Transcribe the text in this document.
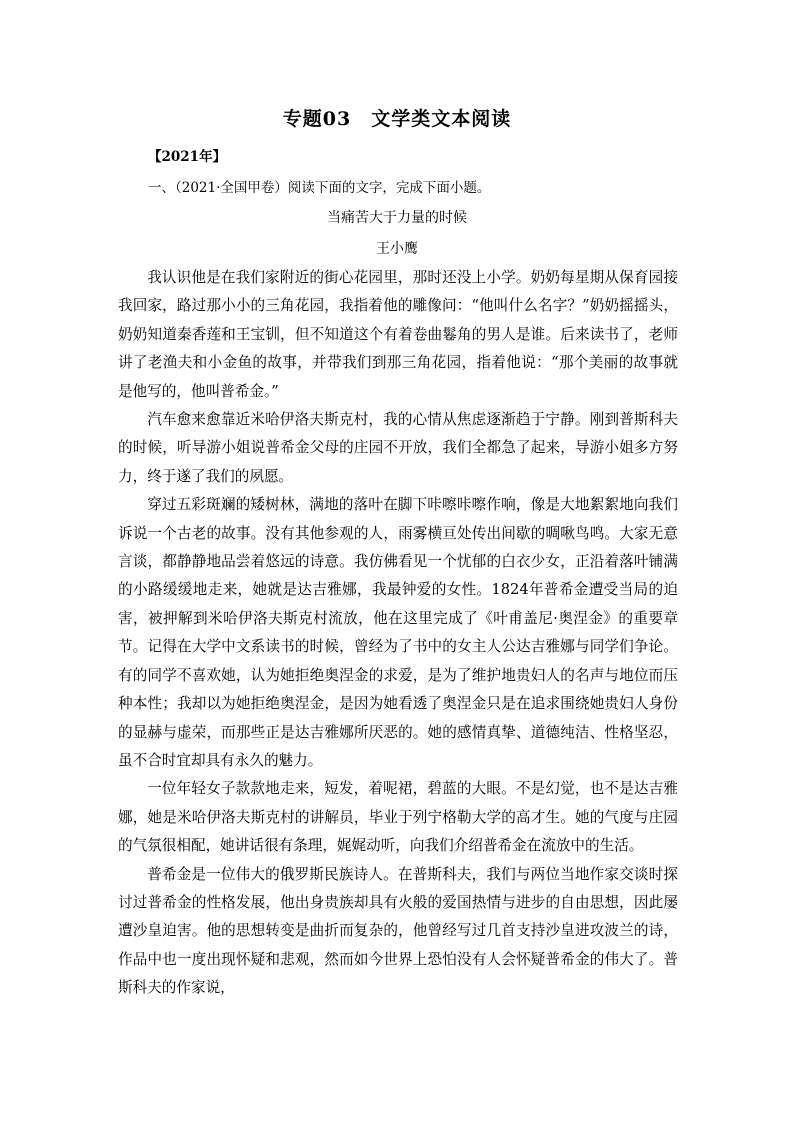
专题03　文学类文本阅读
【2021年】
一、（2021·全国甲卷）阅读下面的文字，完成下面小题。
当痛苦大于力量的时候
王小鹰

我认识他是在我们家附近的街心花园里，那时还没上小学。奶奶每星期从保育园接我回家，路过那小小的三角花园，我指着他的雕像问：“他叫什么名字？”奶奶摇摇头，奶奶知道秦香莲和王宝钏，但不知道这个有着卷曲鬈角的男人是谁。后来读书了，老师讲了老渔夫和小金鱼的故事，并带我们到那三角花园，指着他说：“那个美丽的故事就是他写的，他叫普希金。”

汽车愈来愈靠近米哈伊洛夫斯克村，我的心情从焦虑逐渐趋于宁静。刚到普斯科夫的时候，听导游小姐说普希金父母的庄园不开放，我们全都急了起来，导游小姐多方努力，终于遂了我们的夙愿。

穿过五彩斑斓的矮树林，满地的落叶在脚下咔嚓咔嚓作响，像是大地絮絮地向我们诉说一个古老的故事。没有其他参观的人，雨雾横亘处传出间歇的啁啾鸟鸣。大家无意言谈，都静静地品尝着悠远的诗意。我仿佛看见一个忧郁的白衣少女，正沿着落叶铺满的小路缓缓地走来，她就是达吉雅娜，我最钟爱的女性。1824年普希金遭受当局的迫害，被押解到米哈伊洛夫斯克村流放，他在这里完成了《叶甫盖尼·奥涅金》的重要章节。记得在大学中文系读书的时候，曾经为了书中的女主人公达吉雅娜与同学们争论。有的同学不喜欢她，认为她拒绝奥涅金的求爱，是为了维护地贵妇人的名声与地位而压种本性；我却以为她拒绝奥涅金，是因为她看透了奥涅金只是在追求围绕她贵妇人身份的显赫与虚荣，而那些正是达吉雅娜所厌恶的。她的感情真挚、道德纯洁、性格坚忍，虽不合时宜却具有永久的魅力。

一位年轻女子款款地走来，短发，着呢裙，碧蓝的大眼。不是幻觉，也不是达吉雅娜，她是米哈伊洛夫斯克村的讲解员，毕业于列宁格勒大学的高才生。她的气度与庄园的气氛很相配，她讲话很有条理，娓娓动听，向我们介绍普希金在流放中的生活。

普希金是一位伟大的俄罗斯民族诗人。在普斯科夫，我们与两位当地作家交谈时探讨过普希金的性格发展，他出身贵族却具有火般的爱国热情与进步的自由思想，因此屡遭沙皇迫害。他的思想转变是曲折而复杂的，他曾经写过几首支持沙皇进攻波兰的诗，作品中也一度出现怀疑和悲观，然而如今世界上恐怕没有人会怀疑普希金的伟大了。普斯科夫的作家说，
